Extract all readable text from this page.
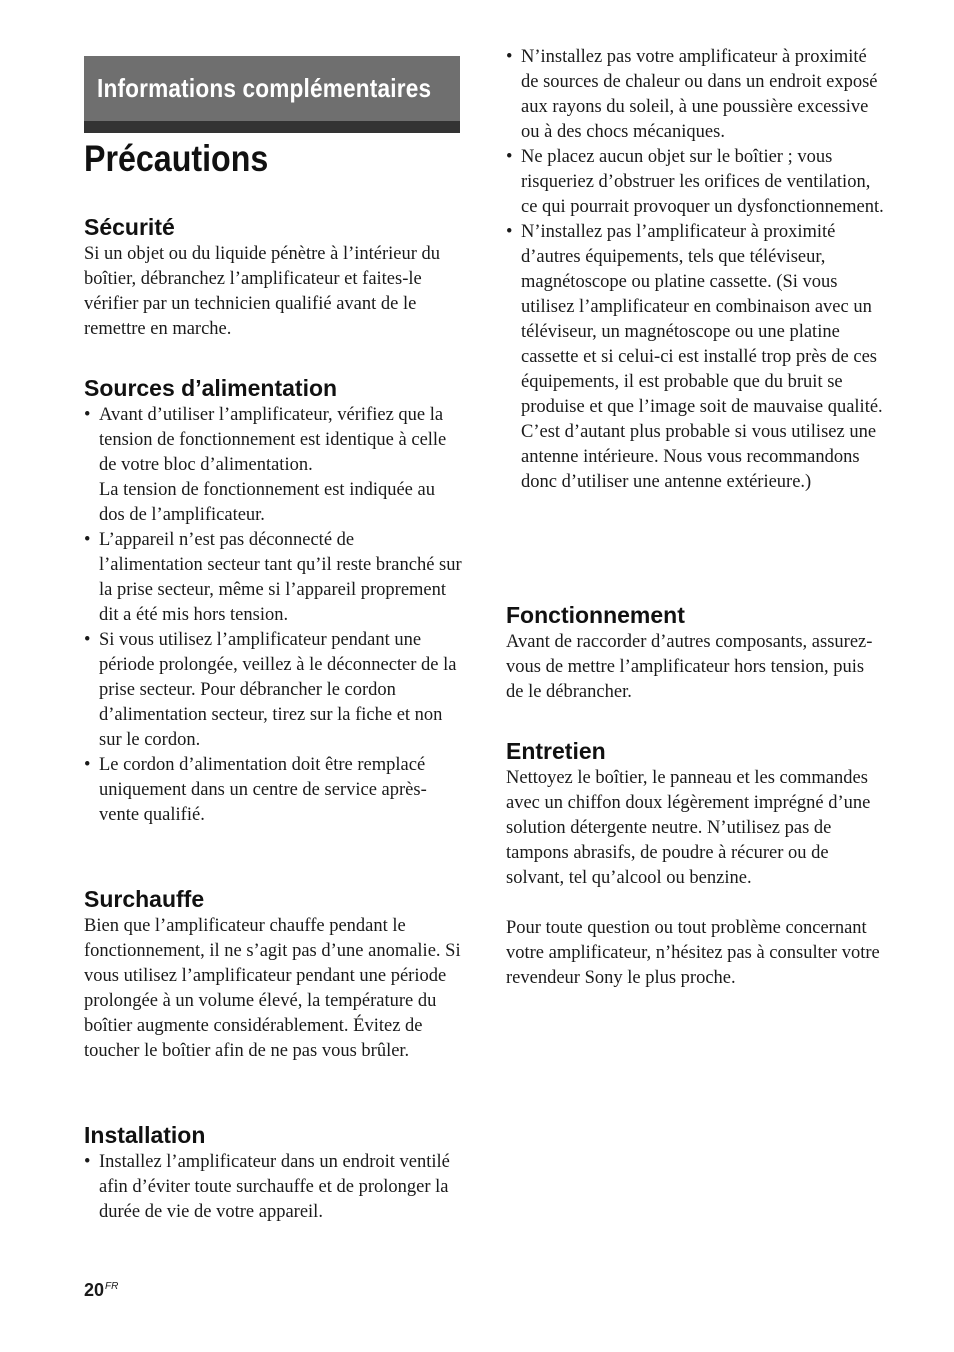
Informations complémentaires
Précautions
Sécurité

Si un objet ou du liquide pénètre à l’intérieur du boîtier, débranchez l’amplificateur et faites-le vérifier par un technicien qualifié avant de le remettre en marche.

Sources d’alimentation
• Avant d’utiliser l’amplificateur, vérifiez que la tension de fonctionnement est identique à celle de votre bloc d’alimentation.
La tension de fonctionnement est indiquée au dos de l’amplificateur.
• L’appareil n’est pas déconnecté de l’alimentation secteur tant qu’il reste branché sur la prise secteur, même si l’appareil proprement dit a été mis hors tension.
• Si vous utilisez l’amplificateur pendant une période prolongée, veillez à le déconnecter de la prise secteur. Pour débrancher le cordon d’alimentation secteur, tirez sur la fiche et non sur le cordon.
• Le cordon d’alimentation doit être remplacé uniquement dans un centre de service après-vente qualifié.
Surchauffe

Bien que l’amplificateur chauffe pendant le fonctionnement, il ne s’agit pas d’une anomalie. Si vous utilisez l’amplificateur pendant une période prolongée à un volume élevé, la température du boîtier augmente considérablement. Évitez de toucher le boîtier afin de ne pas vous brûler.

Installation
• Installez l’amplificateur dans un endroit ventilé afin d’éviter toute surchauffe et de prolonger la durée de vie de votre appareil.
• N’installez pas votre amplificateur à proximité de sources de chaleur ou dans un endroit exposé aux rayons du soleil, à une poussière excessive ou à des chocs mécaniques.
• Ne placez aucun objet sur le boîtier ; vous risqueriez d’obstruer les orifices de ventilation, ce qui pourrait provoquer un dysfonctionnement.
• N’installez pas l’amplificateur à proximité d’autres équipements, tels que téléviseur, magnétoscope ou platine cassette. (Si vous utilisez l’amplificateur en combinaison avec un téléviseur, un magnétoscope ou une platine cassette et si celui-ci est installé trop près de ces équipements, il est probable que du bruit se produise et que l’image soit de mauvaise qualité. C’est d’autant plus probable si vous utilisez une antenne intérieure. Nous vous recommandons donc d’utiliser une antenne extérieure.)
Fonctionnement

Avant de raccorder d’autres composants, assurez-vous de mettre l’amplificateur hors tension, puis de le débrancher.

Entretien

Nettoyez le boîtier, le panneau et les commandes avec un chiffon doux légèrement imprégné d’une solution détergente neutre. N’utilisez pas de tampons abrasifs, de poudre à récurer ou de solvant, tel qu’alcool ou benzine.

Pour toute question ou tout problème concernant votre amplificateur, n’hésitez pas à consulter votre revendeur Sony le plus proche.

$20^{FR}$
